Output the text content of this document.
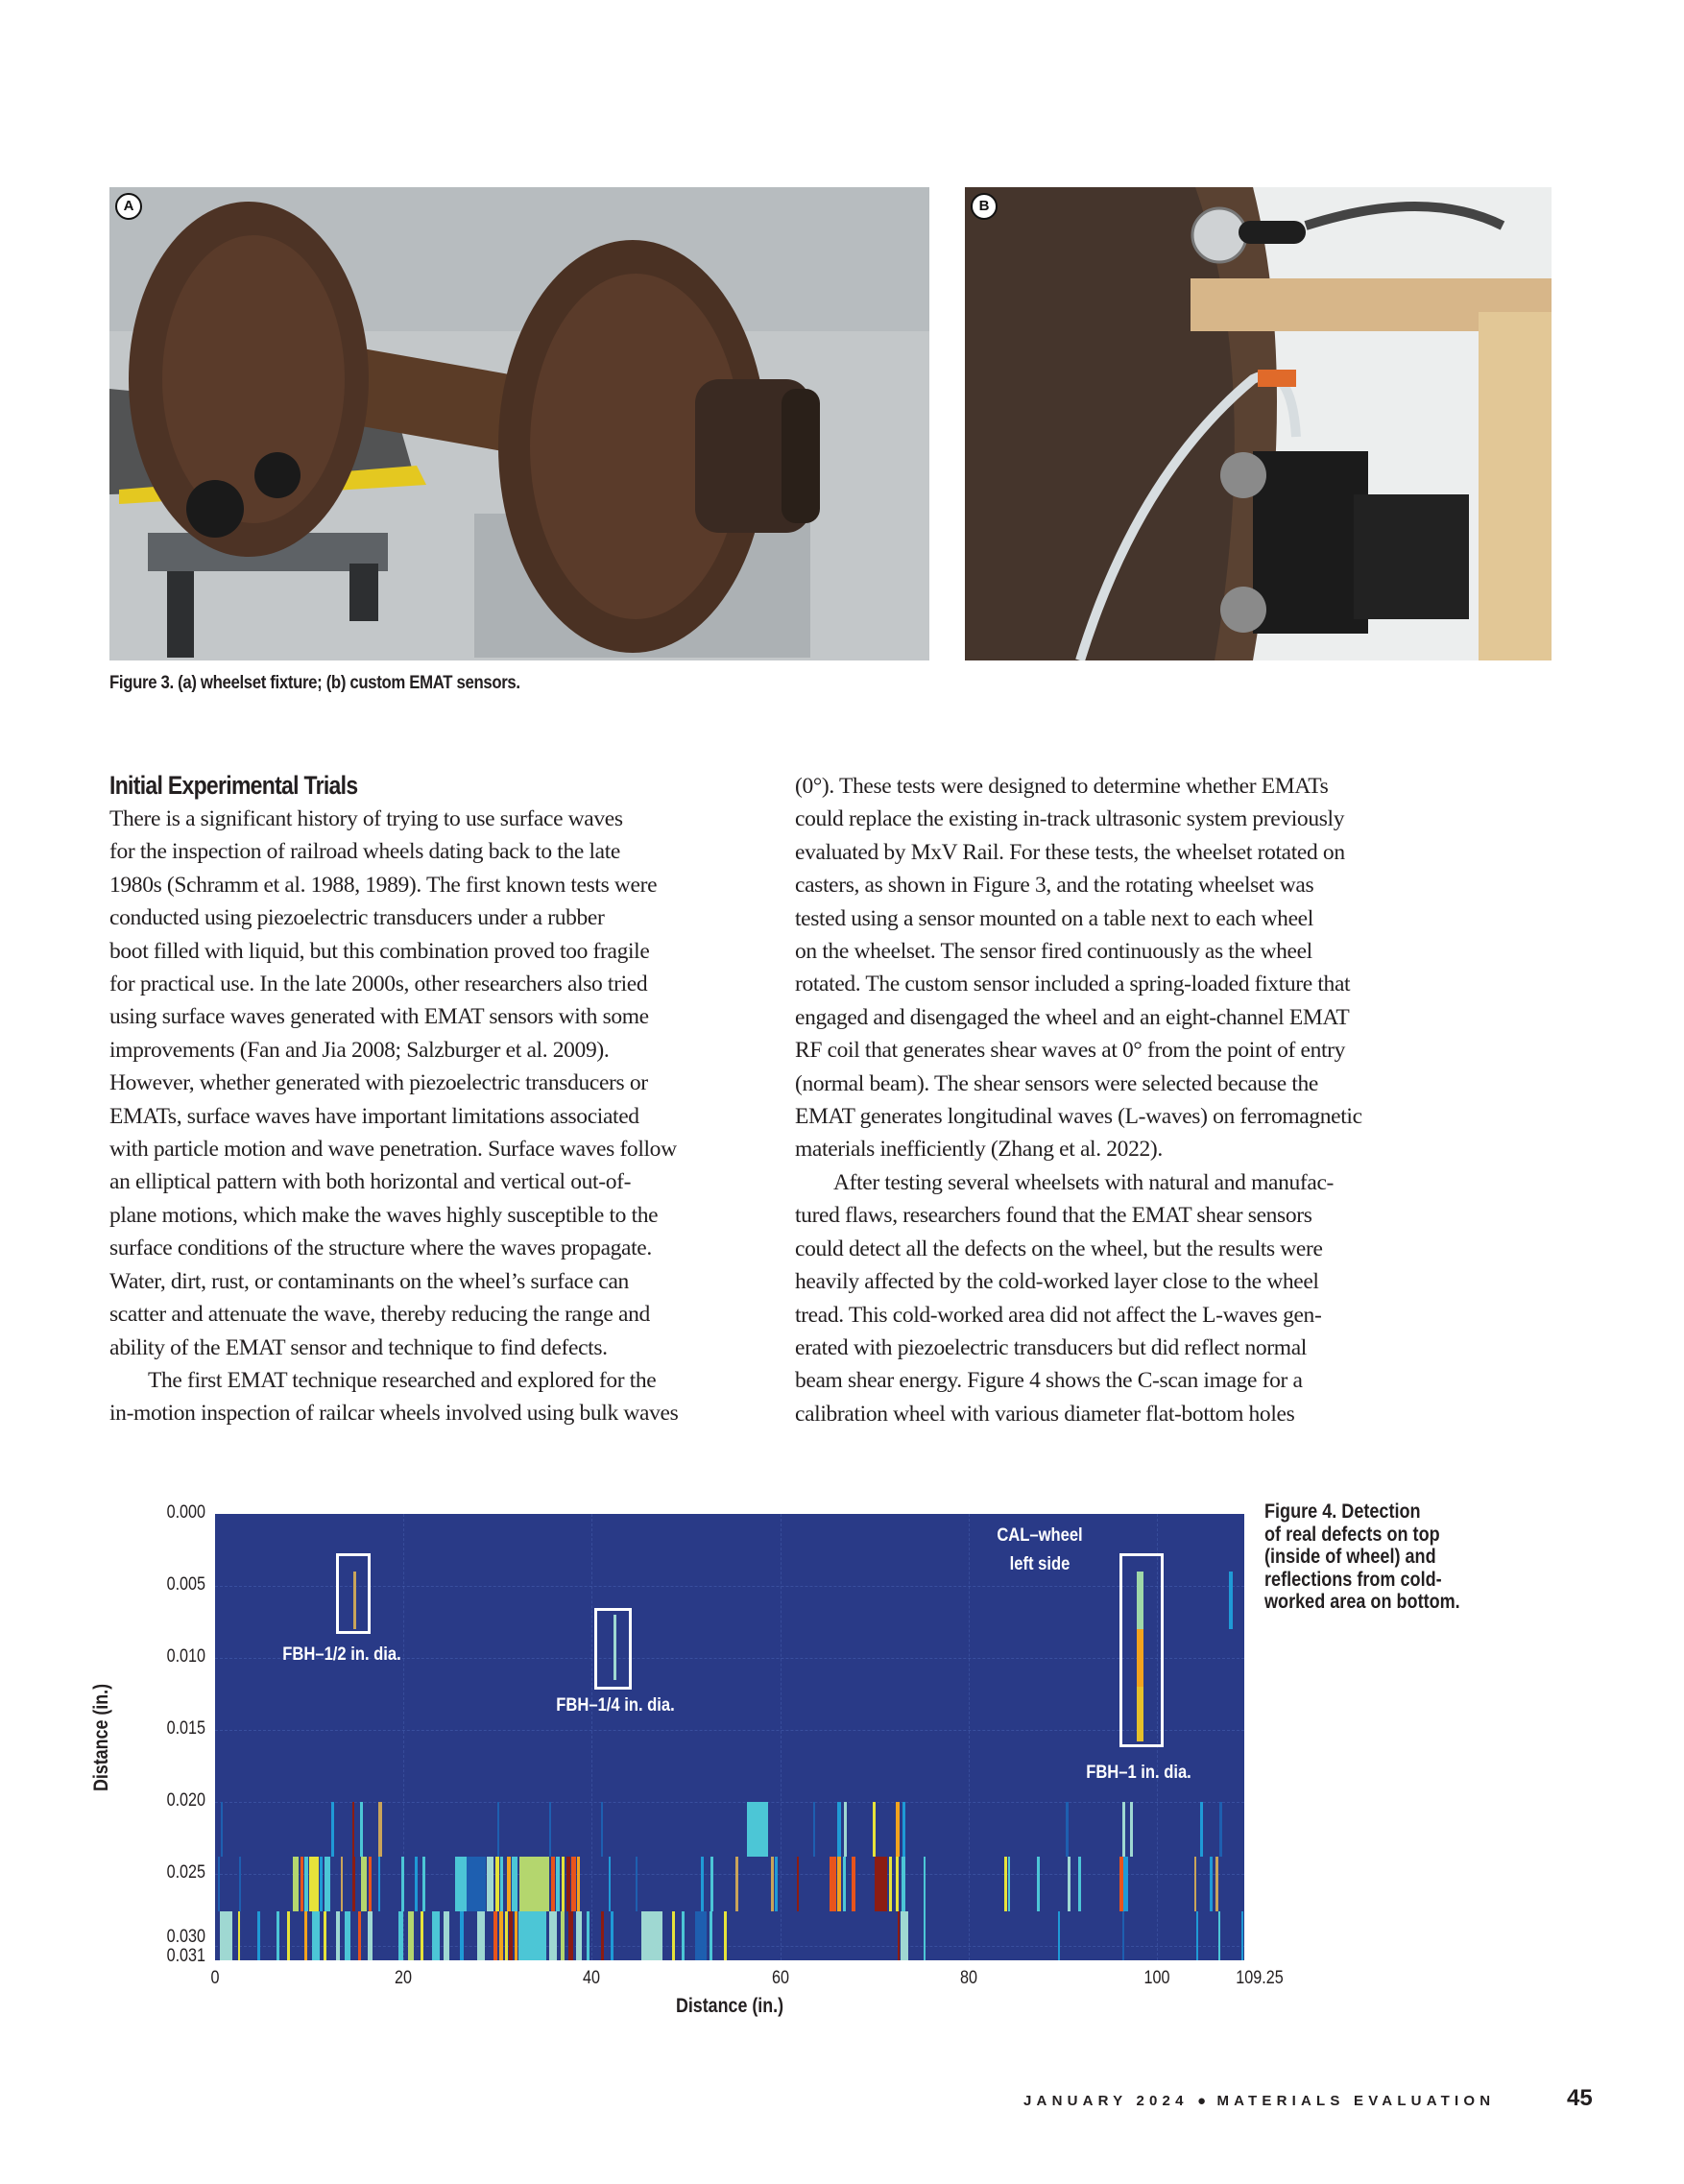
A	B
Figure 3. (a) wheelset fixture; (b) custom EMAT sensors.
Initial Experimental Trials

There is a significant history of trying to use surface waves

for the inspection of railroad wheels dating back to the late

1980s (Schramm et al. 1988, 1989). The first known tests were

conducted using piezoelectric transducers under a rubber

boot filled with liquid, but this combination proved too fragile

for practical use. In the late 2000s, other researchers also tried

using surface waves generated with EMAT sensors with some

improvements (Fan and Jia 2008; Salzburger et al. 2009).

However, whether generated with piezoelectric transducers or

EMATs, surface waves have important limitations associated

with particle motion and wave penetration. Surface waves follow

an elliptical pattern with both horizontal and vertical out-of-

plane motions, which make the waves highly susceptible to the

surface conditions of the structure where the waves propagate.

Water, dirt, rust, or contaminants on the wheel’s surface can

scatter and attenuate the wave, thereby reducing the range and

ability of the EMAT sensor and technique to find defects.

The first EMAT technique researched and explored for the

in-motion inspection of railcar wheels involved using bulk waves

(0°). These tests were designed to determine whether EMATs

could replace the existing in-track ultrasonic system previously

evaluated by MxV Rail. For these tests, the wheelset rotated on

casters, as shown in Figure 3, and the rotating wheelset was

tested using a sensor mounted on a table next to each wheel

on the wheelset. The sensor fired continuously as the wheel

rotated. The custom sensor included a spring-loaded fixture that

engaged and disengaged the wheel and an eight-channel EMAT

RF coil that generates shear waves at 0° from the point of entry

(normal beam). The shear sensors were selected because the

EMAT generates longitudinal waves (L-waves) on ferromagnetic

materials inefficiently (Zhang et al. 2022).

After testing several wheelsets with natural and manufac-

tured flaws, researchers found that the EMAT shear sensors

could detect all the defects on the wheel, but the results were

heavily affected by the cold-worked layer close to the wheel

tread. This cold-worked area did not affect the L-waves gen-

erated with piezoelectric transducers but did reflect normal

beam shear energy. Figure 4 shows the C-scan image for a

calibration wheel with various diameter flat-bottom holes

0.000
0.005
0.010
0.015
0.020
0.025
0.030
0.031
Distance (in.)
CAL–wheel
left side
FBH–1/2 in. dia.
FBH–1/4 in. dia.
FBH–1 in. dia.
0	20	40	60	80	100	109.25
Distance (in.)
Figure 4. Detection
of real defects on top
(inside of wheel) and
reflections from cold-
worked area on bottom.
JANUARY 2024 ● MATERIALS EVALUATION	45
